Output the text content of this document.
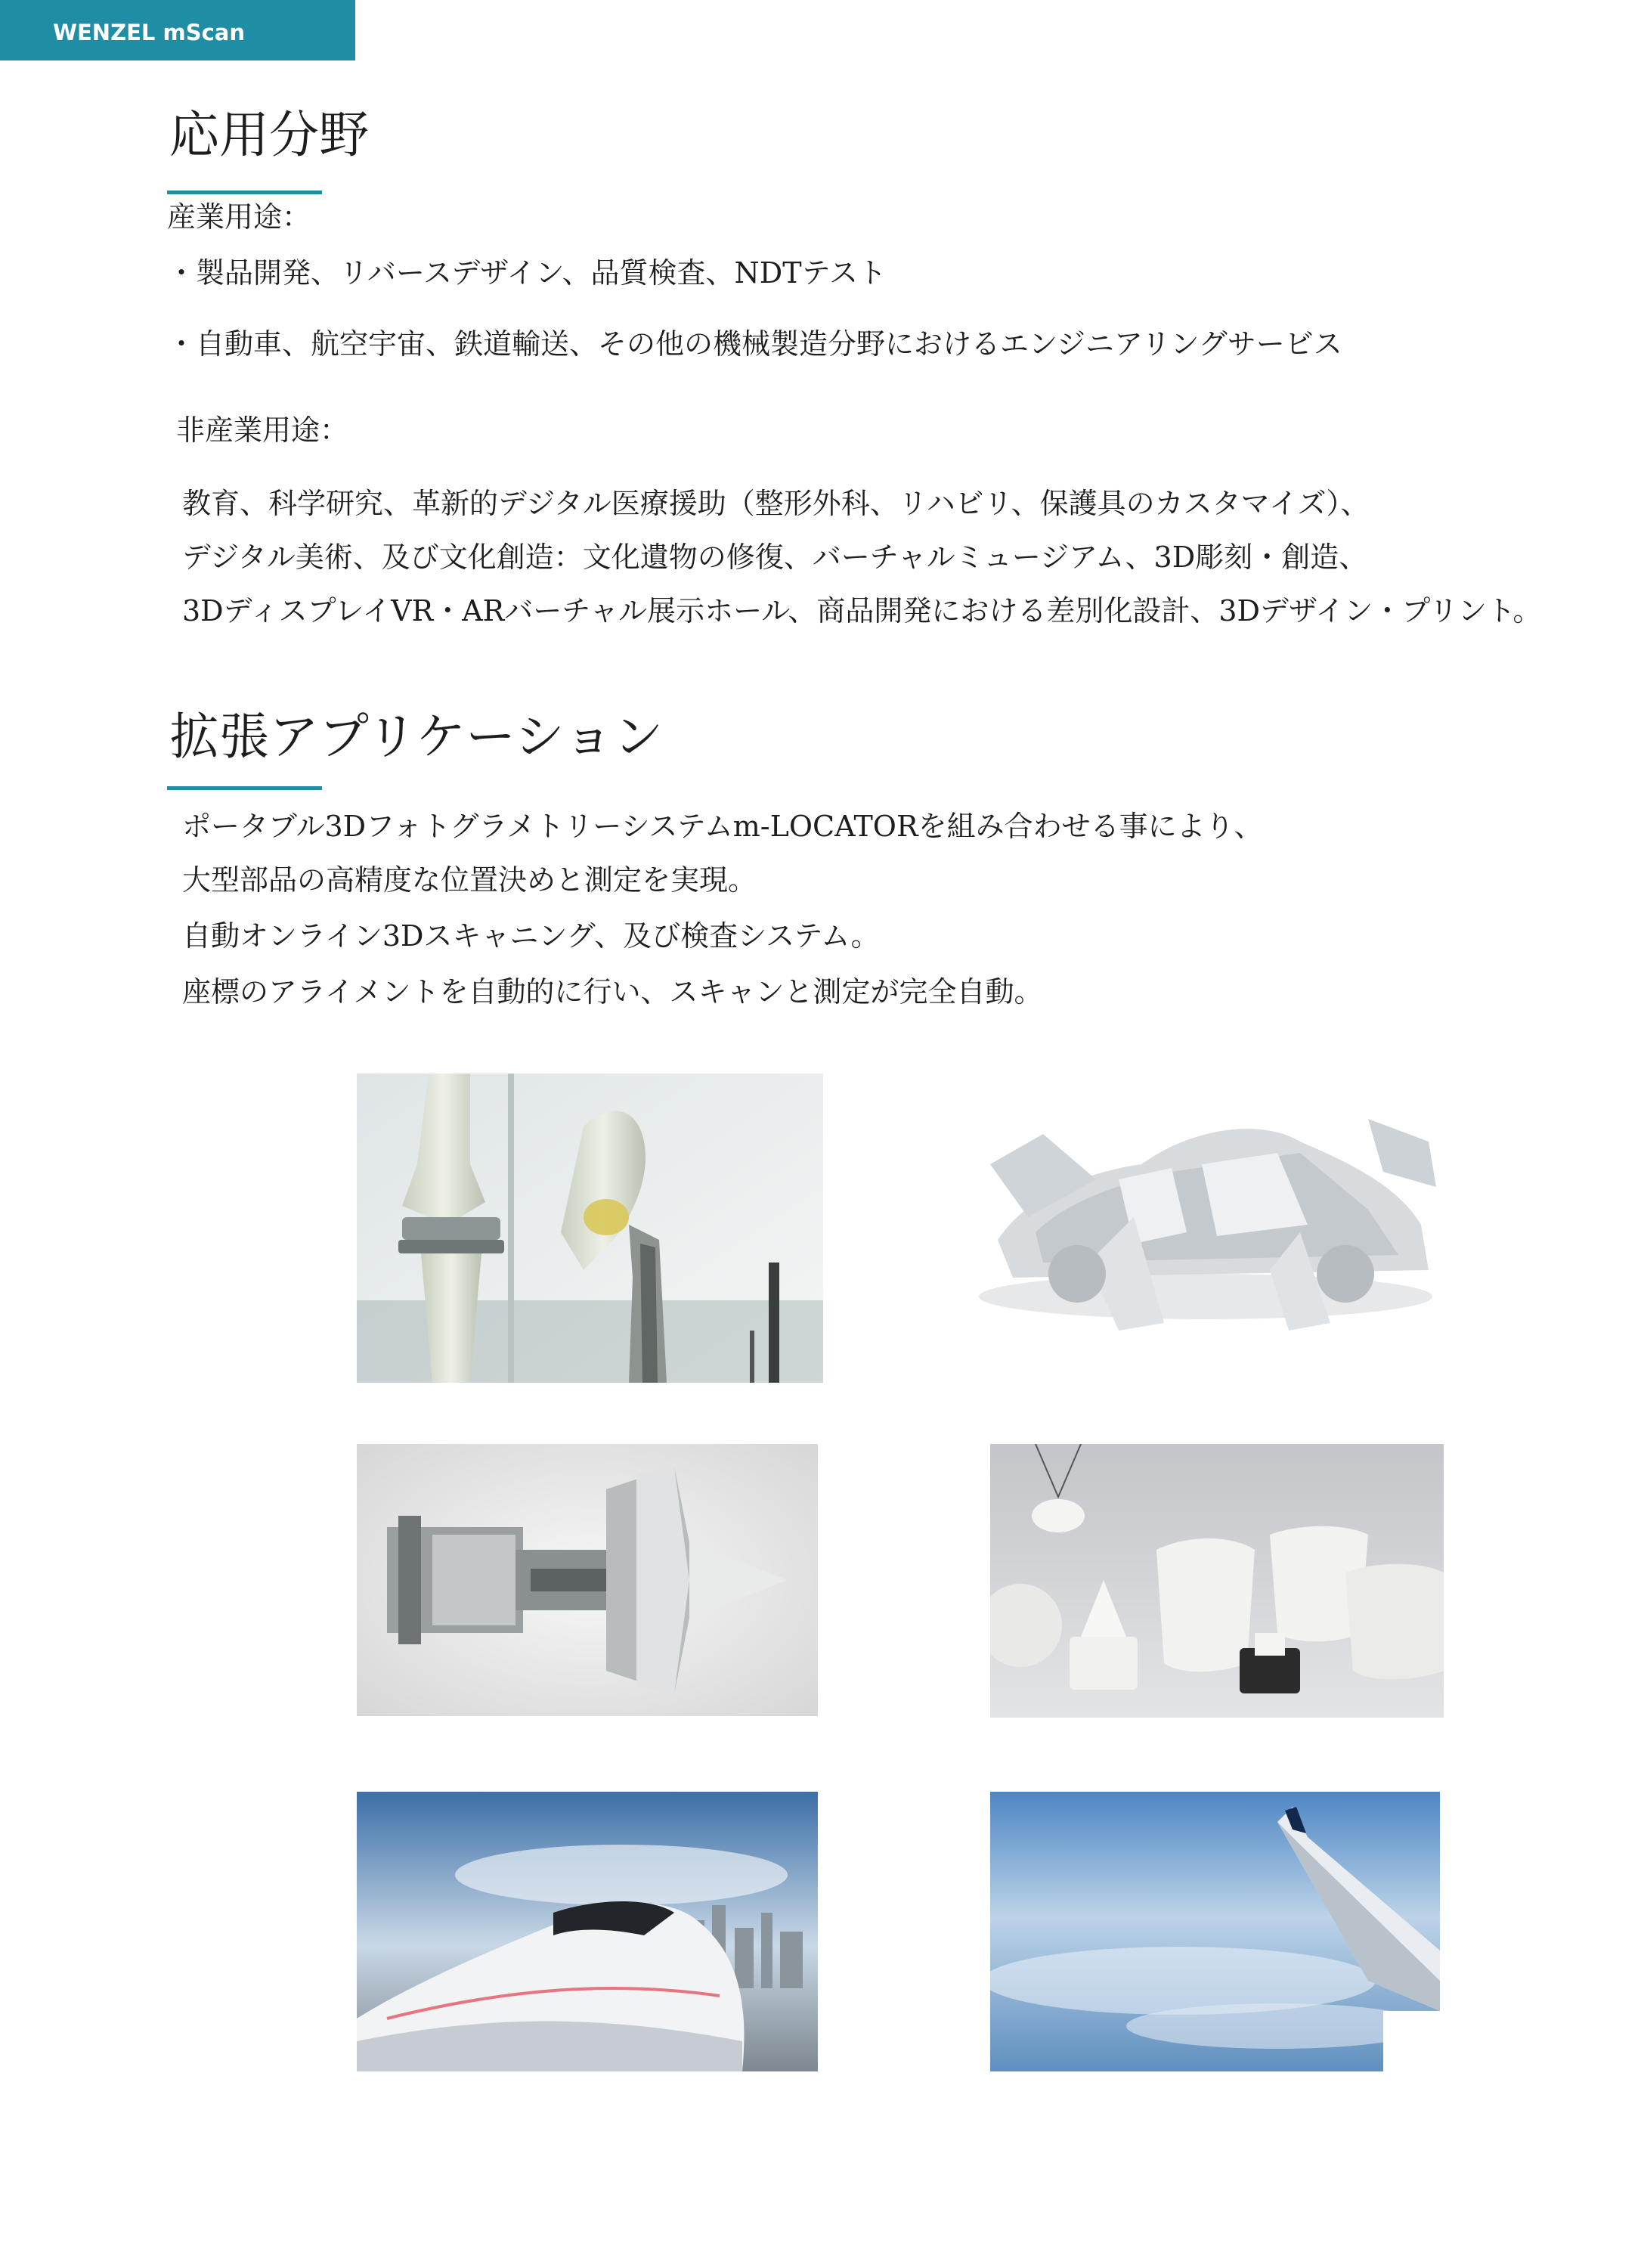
WENZEL mScan
応用分野

産業用途：

・製品開発、リバースデザイン、品質検査、NDTテスト

・自動車、航空宇宙、鉄道輸送、その他の機械製造分野におけるエンジニアリングサービス

非産業用途：

教育、科学研究、革新的デジタル医療援助（整形外科、リハビリ、保護具のカスタマイズ）、

デジタル美術、及び文化創造：文化遺物の修復、バーチャルミュージアム、3D彫刻・創造、

3DディスプレイVR・ARバーチャル展示ホール、商品開発における差別化設計、3Dデザイン・プリント。

拡張アプリケーション

ポータブル3Dフォトグラメトリーシステムm-LOCATORを組み合わせる事により、

大型部品の高精度な位置決めと測定を実現。

自動オンライン3Dスキャニング、及び検査システム。

座標のアライメントを自動的に行い、スキャンと測定が完全自動。
